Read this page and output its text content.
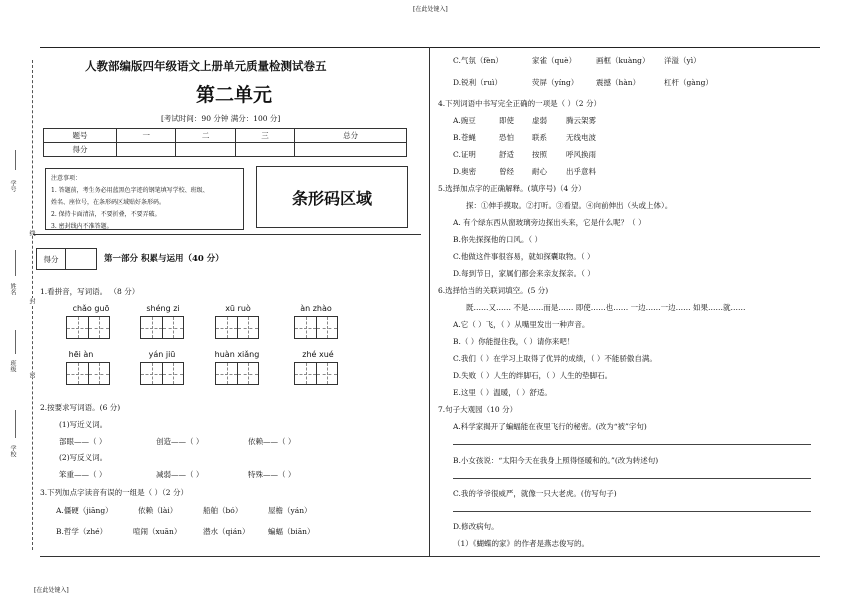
[在此处键入]
[在此处键入]
学号
姓名
班级
学校
线
封
密
人教部编版四年级语文上册单元质量检测试卷五
第二单元
[考试时间：90 分钟 满分：100 分]
题号	一	二	三	总分
得分				
注意事项：
1. 答题前，考生务必用蓝黑色字迹的钢笔填写学校、班级、
姓名、座位号，在条形码区域贴好条形码。
2. 保持卡面清洁，不要折叠，不要弄破。
3. 密封线内不准答题。
条形码区域
得分		第一部分 积累与运用（40 分）
1.看拼音，写词语。 （8 分）
chǎo guō	shéng zi	xū ruò	àn zhào
hēi àn	yán jiū	huàn xiǎng	zhé xué
2.按要求写词语。(6 分)
(1)写近义词。
部眼——（ ）	创造——（ ）	依赖——（ ）
(2)写反义词。
笨重——（ ）	减弱——（ ）	特殊——（ ）
3.下列加点字读音有误的一组是（ ）（2 分）
A.僵硬（jiāng）	依赖（lài）	船舶（bó）	屋檐（yán）
B.哲学（zhé）	喧闹（xuān）	潜水（qián） 蝙蝠（biān）
C.气氛（fèn）	家雀（què）	画框（kuàng） 洋溢（yì）
D.锐利（ruì）	荧屏（yíng） 震撼（hàn）	杠杆（gàng）
4.下列词语中书写完全正确的一项是（ ）（2 分）
A.豌豆	即使 虚弱	腾云架雾
B.苍蝇	恐怕 联系	无线电波
C.证明	舒适 按照	呼风换雨
D.奥密	曾经 耐心	出乎意料
5.选择加点字的正确解释。(填序号)（4 分）
探：①伸手摸取。②打听。③看望。④向前伸出（头或上体）。
A. 有个绿东西从窗玻璃旁边探出头来，它是什么呢？（ ）
B.你先探探他的口风。（ ）
C.他做这件事很容易，就如探囊取物。（ ）
D.每到节日，家属们都会来亲友探亲。（ ）
6.选择恰当的关联词填空。(5 分)
既……又…… 不是……而是…… 即使……也…… 一边……一边…… 如果……就……
A.它（ ）飞，（ ）从嘴里发出一种声音。
B.（ ）你能提住我，（ ）请你来吧！
C.我们（ ）在学习上取得了优异的成绩，（ ）不能骄傲自满。
D.失败（ ）人生的绊脚石，（ ）人生的垫脚石。
E.这里（ ）温暖，（ ）舒适。
7.句子大观园（10 分）
A.科学家揭开了蝙蝠能在夜里飞行的秘密。(改为“被”字句)
B.小女孩说：“太阳今天在我身上照得怪暖和的。”(改为转述句)
C.我的爷爷很威严，就像一只大老虎。(仿写句子)
D.修改病句。
（1）《蝴蝶的家》的作者是燕志俊写的。
